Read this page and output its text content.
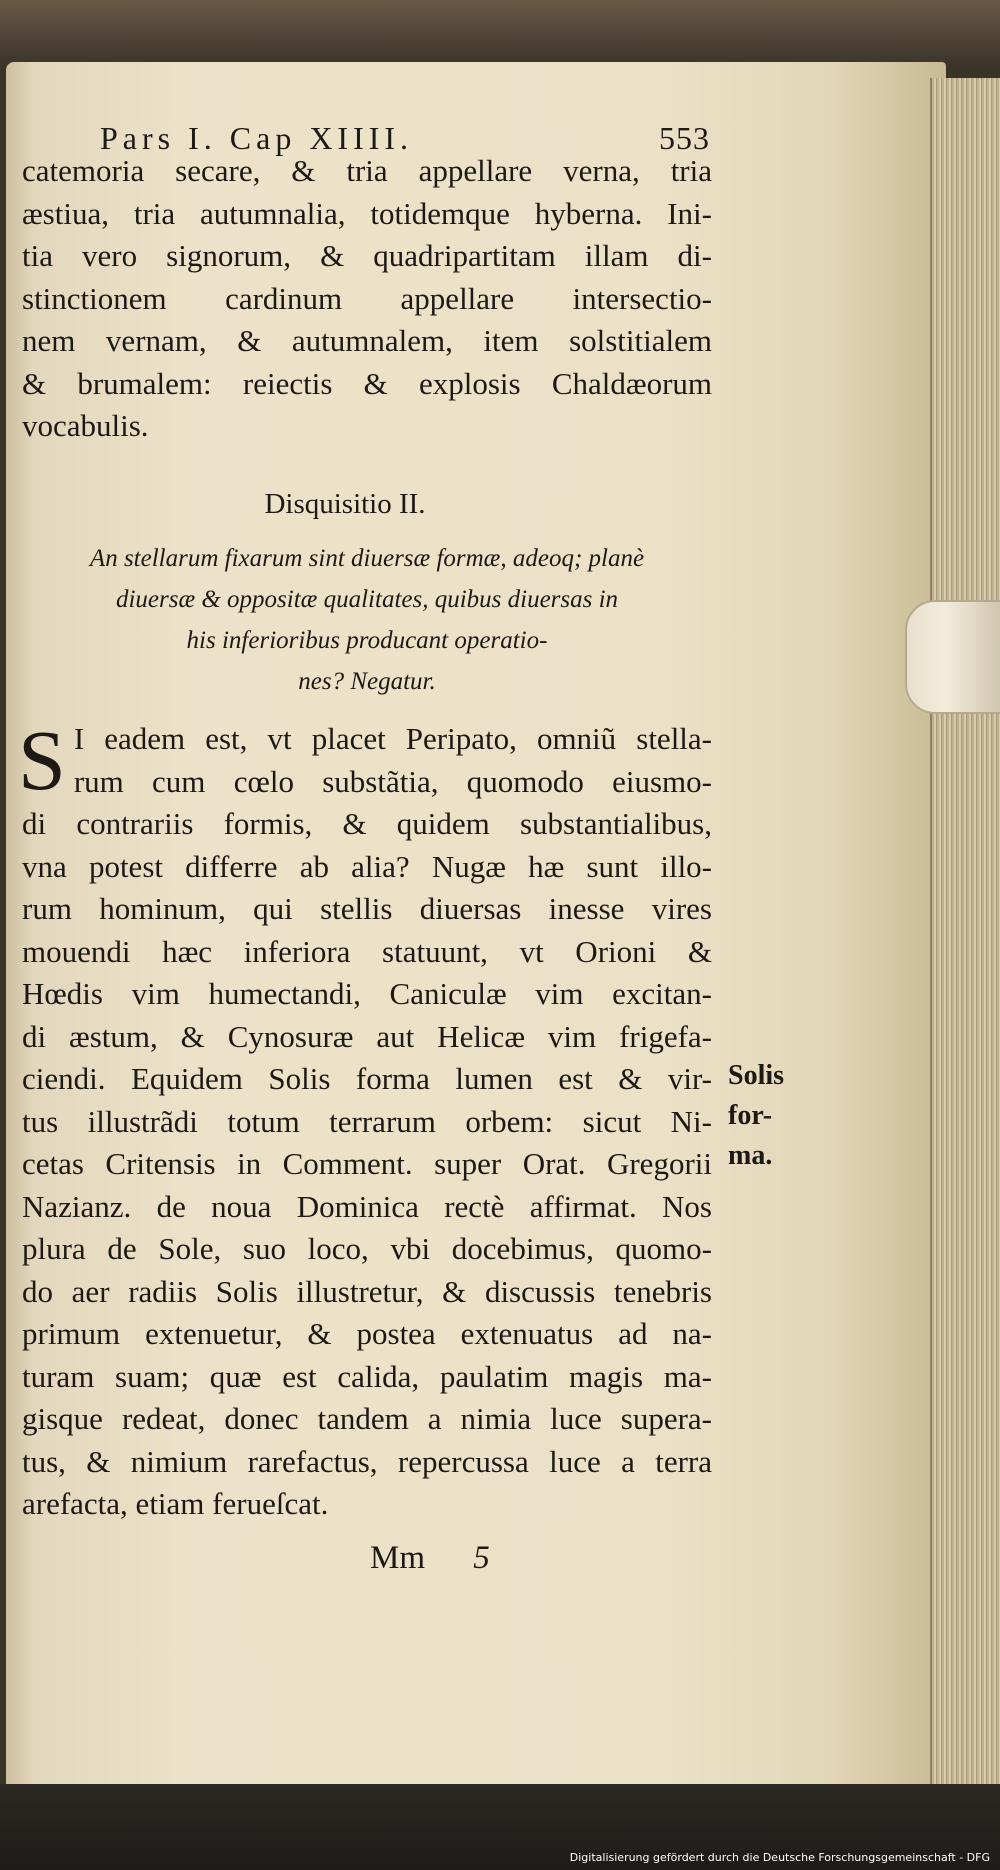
Pars I. Cap XIIII.	553
catemoria secare, & tria appellare verna, tria
æstiua, tria autumnalia, totidemque hyberna. Ini-
tia vero signorum, & quadripartitam illam di-
stinctionem cardinum appellare intersectio-
nem vernam, & autumnalem, item solstitialem
& brumalem: reiectis & explosis Chaldæorum
vocabulis.
Disquisitio II.
An stellarum fixarum sint diuersæ formæ, adeoq; planè
diuersæ & oppositæ qualitates, quibus diuersas in
his inferioribus producant operatio-
nes? Negatur.
S I eadem est, vt placet Peripato, omniũ stella-
rum cum cœlo substãtia, quomodo eiusmo-
di contrariis formis, & quidem substantialibus,
vna potest differre ab alia? Nugæ hæ sunt illo-
rum hominum, qui stellis diuersas inesse vires
mouendi hæc inferiora statuunt, vt Orioni &
Hœdis vim humectandi, Caniculæ vim excitan-
di æstum, & Cynosuræ aut Helicæ vim frigefa-
ciendi. Equidem Solis forma lumen est & vir-
tus illustrãdi totum terrarum orbem: sicut Ni-
cetas Critensis in Comment. super Orat. Gregorii
Nazianz. de noua Dominica rectè affirmat. Nos
plura de Sole, suo loco, vbi docebimus, quomo-
do aer radiis Solis illustretur, & discussis tenebris
primum extenuetur, & postea extenuatus ad na-
turam suam; quæ est calida, paulatim magis ma-
gisque redeat, donec tandem a nimia luce supera-
tus, & nimium rarefactus, repercussa luce a terra
arefacta, etiam ferueſcat.
Solis for-
ma.
Mm 5
Digitalisierung gefördert durch die Deutsche Forschungsgemeinschaft - DFG
